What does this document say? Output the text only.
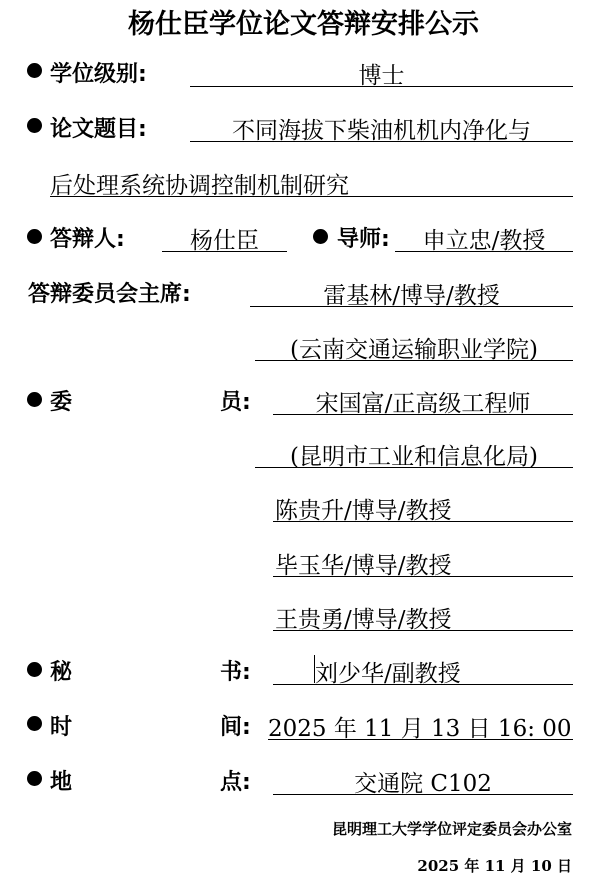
杨仕臣学位论文答辩安排公示
学位级别:	博士
论文题目:	不同海拔下柴油机机内净化与
后处理系统协调控制机制研究
答辩人:	杨仕臣	导师:	申立忠/教授
答辩委员会主席:	雷基林/博导/教授
(云南交通运输职业学院)
委	员:	宋国富/正高级工程师
(昆明市工业和信息化局)
陈贵升/博导/教授
毕玉华/博导/教授
王贵勇/博导/教授
秘	书:	刘少华/副教授
时	间: 2025 年 11 月 13 日 16: 00
地	点:	交通院 C102
昆明理工大学学位评定委员会办公室
2025 年 11 月 10 日
